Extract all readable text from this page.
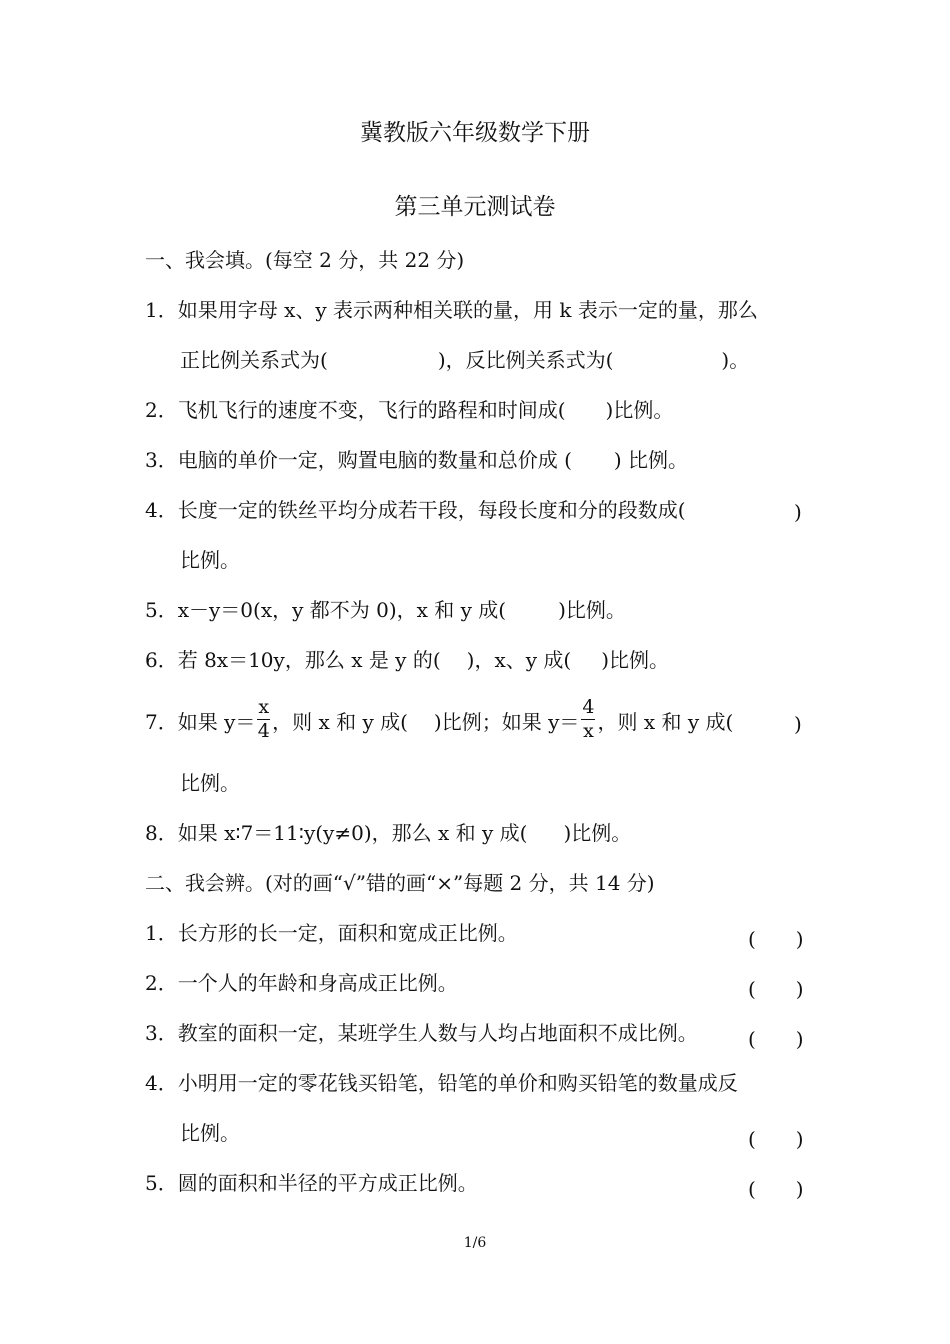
冀教版六年级数学下册
第三单元测试卷
一、我会填。(每空 2 分，共 22 分)
1．如果用字母 x、y 表示两种相关联的量，用 k 表示一定的量，那么
正比例关系式为(	)，反比例关系式为(	)。
2．飞机飞行的速度不变，飞行的路程和时间成( )比例。
3．电脑的单价一定，购置电脑的数量和总价成 ( ) 比例。
4．长度一定的铁丝平均分成若干段，每段长度和分的段数成(	)
比例。
5．x－y＝0(x，y 都不为 0)，x 和 y 成(	)比例。
6．若 8x＝10y，那么 x 是 y 的( )，x、y 成( )比例。
7．如果 $y= \frac{x}{4}$ ，则 x 和 y 成( )比例；如果 $y= \frac{4}{x}$ ，则 x 和 y 成(	)
比例。
8．如果 x∶7＝11∶y(y≠0)，那么 x 和 y 成( )比例。
二、我会辨。(对的画“√”错的画“×”每题 2 分，共 14 分)
1．长方形的长一定，面积和宽成正比例。	(　　)
2．一个人的年龄和身高成正比例。	(　　)
3．教室的面积一定，某班学生人数与人均占地面积不成比例。	(　　)
4．小明用一定的零花钱买铅笔，铅笔的单价和购买铅笔的数量成反
比例。	(　　)
5．圆的面积和半径的平方成正比例。	(　　)
1/6
